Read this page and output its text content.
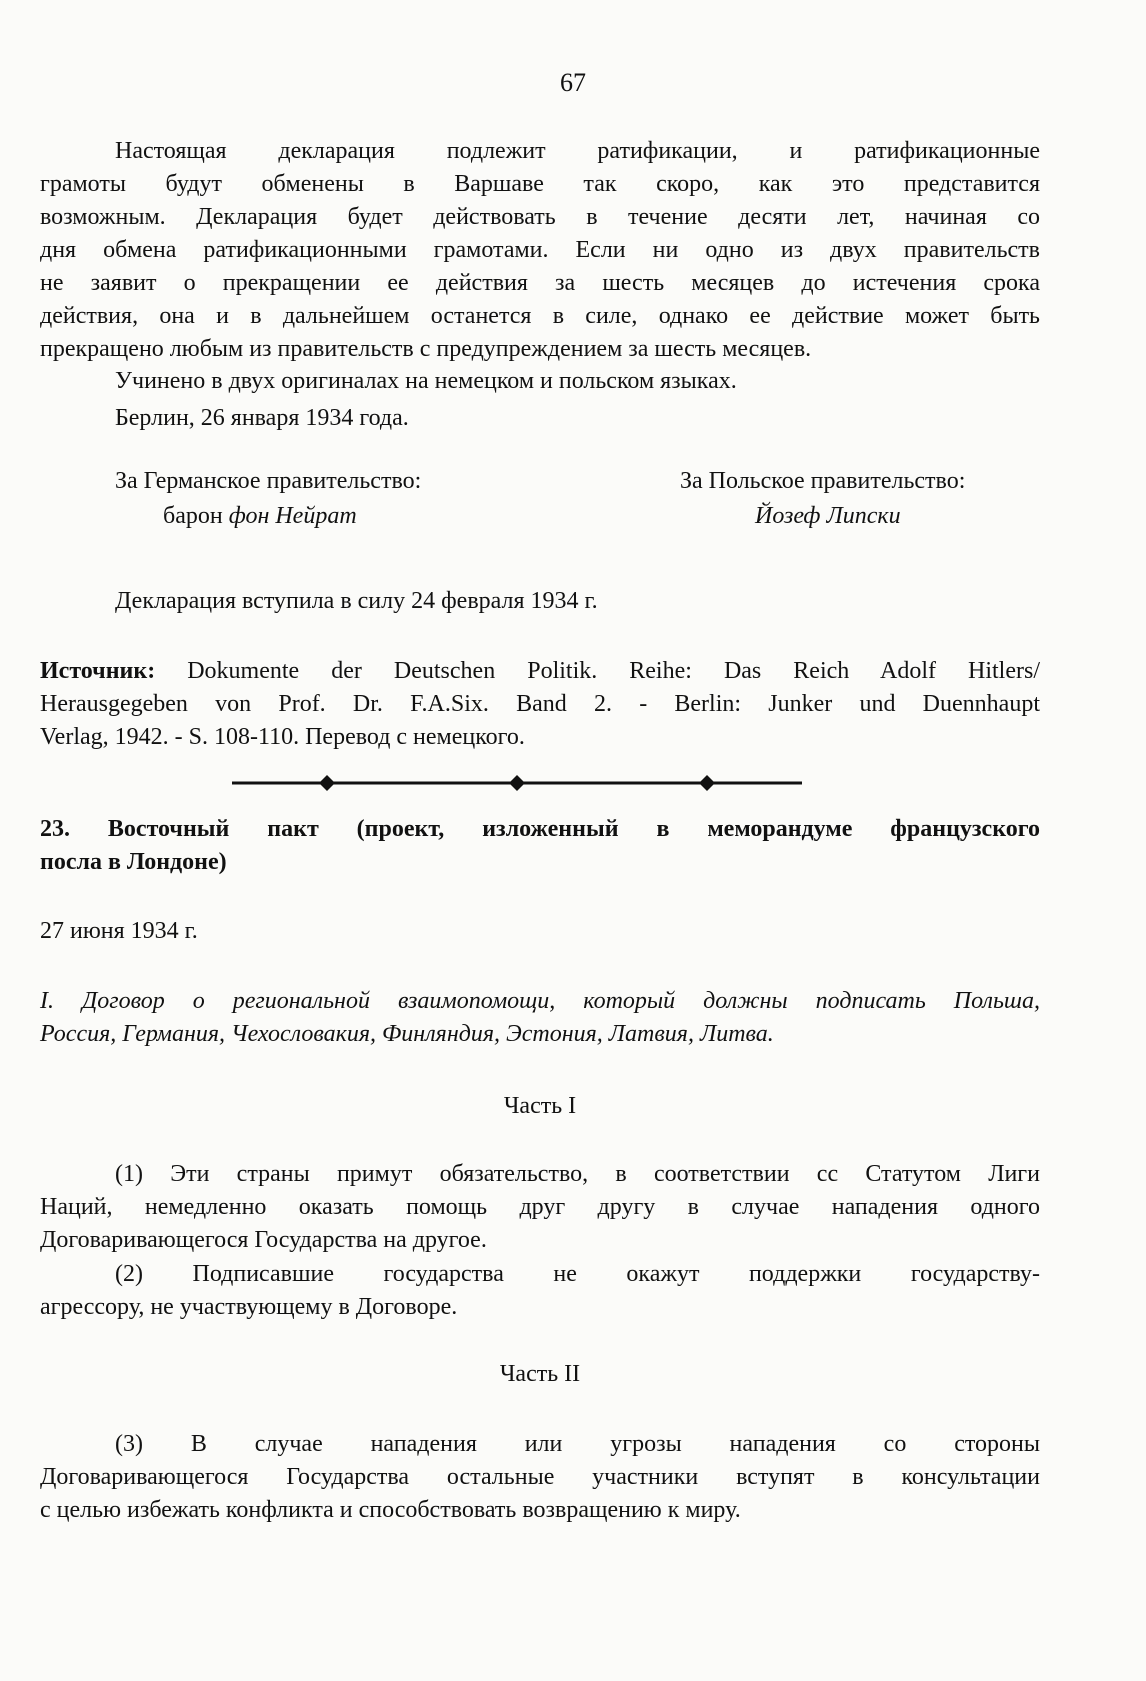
67
Настоящая декларация подлежит ратификации, и ратификационные
грамоты будут обменены в Варшаве так скоро, как это представится
возможным. Декларация будет действовать в течение десяти лет, начиная со
дня обмена ратификационными грамотами. Если ни одно из двух правительств
не заявит о прекращении ее действия за шесть месяцев до истечения срока
действия, она и в дальнейшем останется в силе, однако ее действие может быть
прекращено любым из правительств с предупреждением за шесть месяцев.
Учинено в двух оригиналах на немецком и польском языках.
Берлин, 26 января 1934 года.
За Германское правительство:
барон фон Нейрат
За Польское правительство:
Йозеф Липски
Декларация вступила в силу 24 февраля 1934 г.
Источник: Dokumente der Deutschen Politik. Reihe: Das Reich Adolf Hitlers/
Herausgegeben von Prof. Dr. F.A.Six. Band 2. - Berlin: Junker und Duennhaupt
Verlag, 1942. - S. 108-110. Перевод с немецкого.
23. Восточный пакт (проект, изложенный в меморандуме французского
посла в Лондоне)
27 июня 1934 г.
I. Договор о региональной взаимопомощи, который должны подписать Польша,
Россия, Германия, Чехословакия, Финляндия, Эстония, Латвия, Литва.
Часть I
(1) Эти страны примут обязательство, в соответствии сс Статутом Лиги
Наций, немедленно оказать помощь друг другу в случае нападения одного
Договаривающегося Государства на другое.
(2) Подписавшие государства не окажут поддержки государству-
агрессору, не участвующему в Договоре.
Часть II
(3) В случае нападения или угрозы нападения со стороны
Договаривающегося Государства остальные участники вступят в консультации
с целью избежать конфликта и способствовать возвращению к миру.
